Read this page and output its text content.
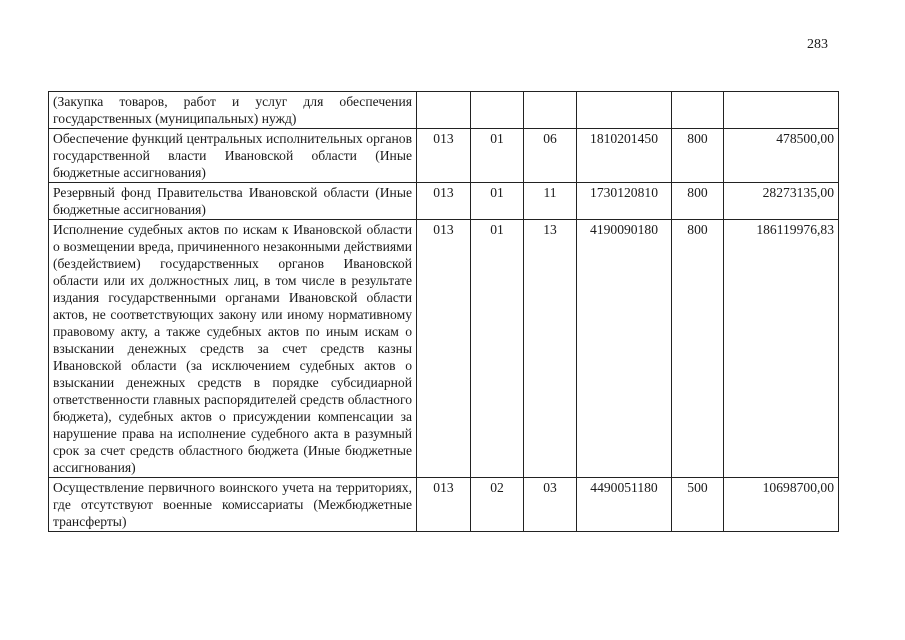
283
(Закупка товаров, работ и услуг для обеспечения государственных (муниципальных) нужд)						
Обеспечение функций центральных исполнительных органов государственной власти Ивановской области (Иные бюджетные ассигнования)	013	01	06	1810201450	800	478500,00
Резервный фонд Правительства Ивановской области (Иные бюджетные ассигнования)	013	01	11	1730120810	800	28273135,00
Исполнение судебных актов по искам к Ивановской области о возмещении вреда, причиненного незаконными действиями (бездействием) государственных органов Ивановской области или их должностных лиц, в том числе в результате издания государственными органами Ивановской области актов, не соответствующих закону или иному нормативному правовому акту, а также судебных актов по иным искам о взыскании денежных средств за счет средств казны Ивановской области (за исключением судебных актов о взыскании денежных средств в порядке субсидиарной ответственности главных распорядителей средств областного бюджета), судебных актов о присуждении компенсации за нарушение права на исполнение судебного акта в разумный срок за счет средств областного бюджета (Иные бюджетные ассигнования)	013	01	13	4190090180	800	186119976,83
Осуществление первичного воинского учета на территориях, где отсутствуют военные комиссариаты (Межбюджетные трансферты)	013	02	03	4490051180	500	10698700,00
